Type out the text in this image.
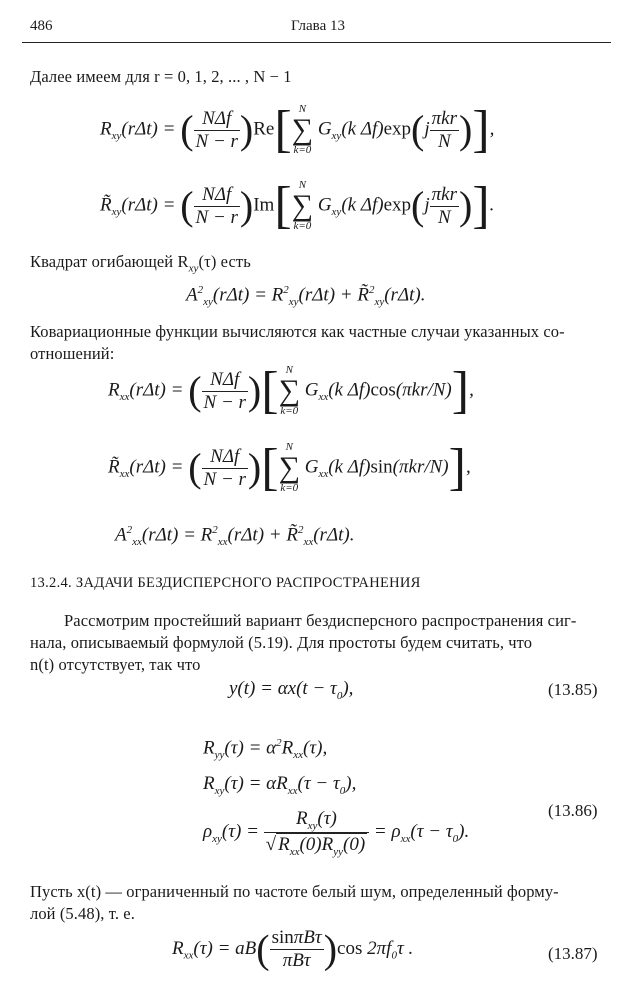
486	Глава 13
Далее имеем для r = 0, 1, 2, ... , N − 1
$R_{xy}(r\Delta t)$ = ( $\frac{\text{NΔf}}{N - r} )Re$[ N
∑
k=0
$G_{xy}(k$ $\Delta f)\exp(j \frac{\text{πkr}}{N}$ )],
$R̃_{xy}(r\Delta t)$ = ( $\frac{\text{NΔf}}{N - r} )Im$[ N
∑
k=0
$G_{xy}(k$ $\Delta f)\exp(j \frac{\text{πkr}}{N}$ )].
Квадрат огибающей $R_{xy}(\tau)$ есть
$A^2_{xy}(r\Delta t) = R^2_{xy}(r\Delta t)$ + R̃$^2_{xy}$(rΔt).
Ковариационные функции вычисляются как частные случаи указанных со-
отношений:
$R_{xx}(r\Delta t)$ = ( $\frac{\text{NΔf}}{N - r}$ )[ N
∑
k=0
$G_{xx}(k$ Δf)cos(πkr/N)],
$R̃_{xx}(r\Delta t)$ = ( $\frac{\text{NΔf}}{N - r}$ )[ N
∑
k=0
$G_{xx}(k$ Δf)sin(πkr/N)],
$A^2_{xx}(r\Delta t) = R^2_{xx}(r\Delta t)$ + R̃$^2_{xx}$(rΔt).
13.2.4. ЗАДАЧИ БЕЗДИСПЕРСНОГО РАСПРОСТРАНЕНИЯ
Рассмотрим простейший вариант бездисперсного распространения сиг-
нала, описываемый формулой (5.19). Для простоты будем считать, что
n(t) отсутствует, так что
$y(t) = \alpha x(t - \tau_0)$,	(13.85)
$R_{yy}(\tau) = \alpha^2R_{xx}(\tau)$,
$R_{xy}(\tau) = \alpha R_{xx}(\tau - \tau_0)$,
$\rho_{xy}(\tau) = \frac{R_{xy}(\tau)}{√ R_{xx}(0)R_{yy}(0)} = \rho_{xx}(\tau - \tau_0)$.
(13.86)
Пусть x(t) — ограниченный по частоте белый шум, определенный форму-
лой (5.48), т. е.
$R_{xx}(\tau) = aB( \frac{\text{sinπBτ}}{\text{πBτ}} )\cos$ $2\pi f_0\tau$ .	(13.87)
